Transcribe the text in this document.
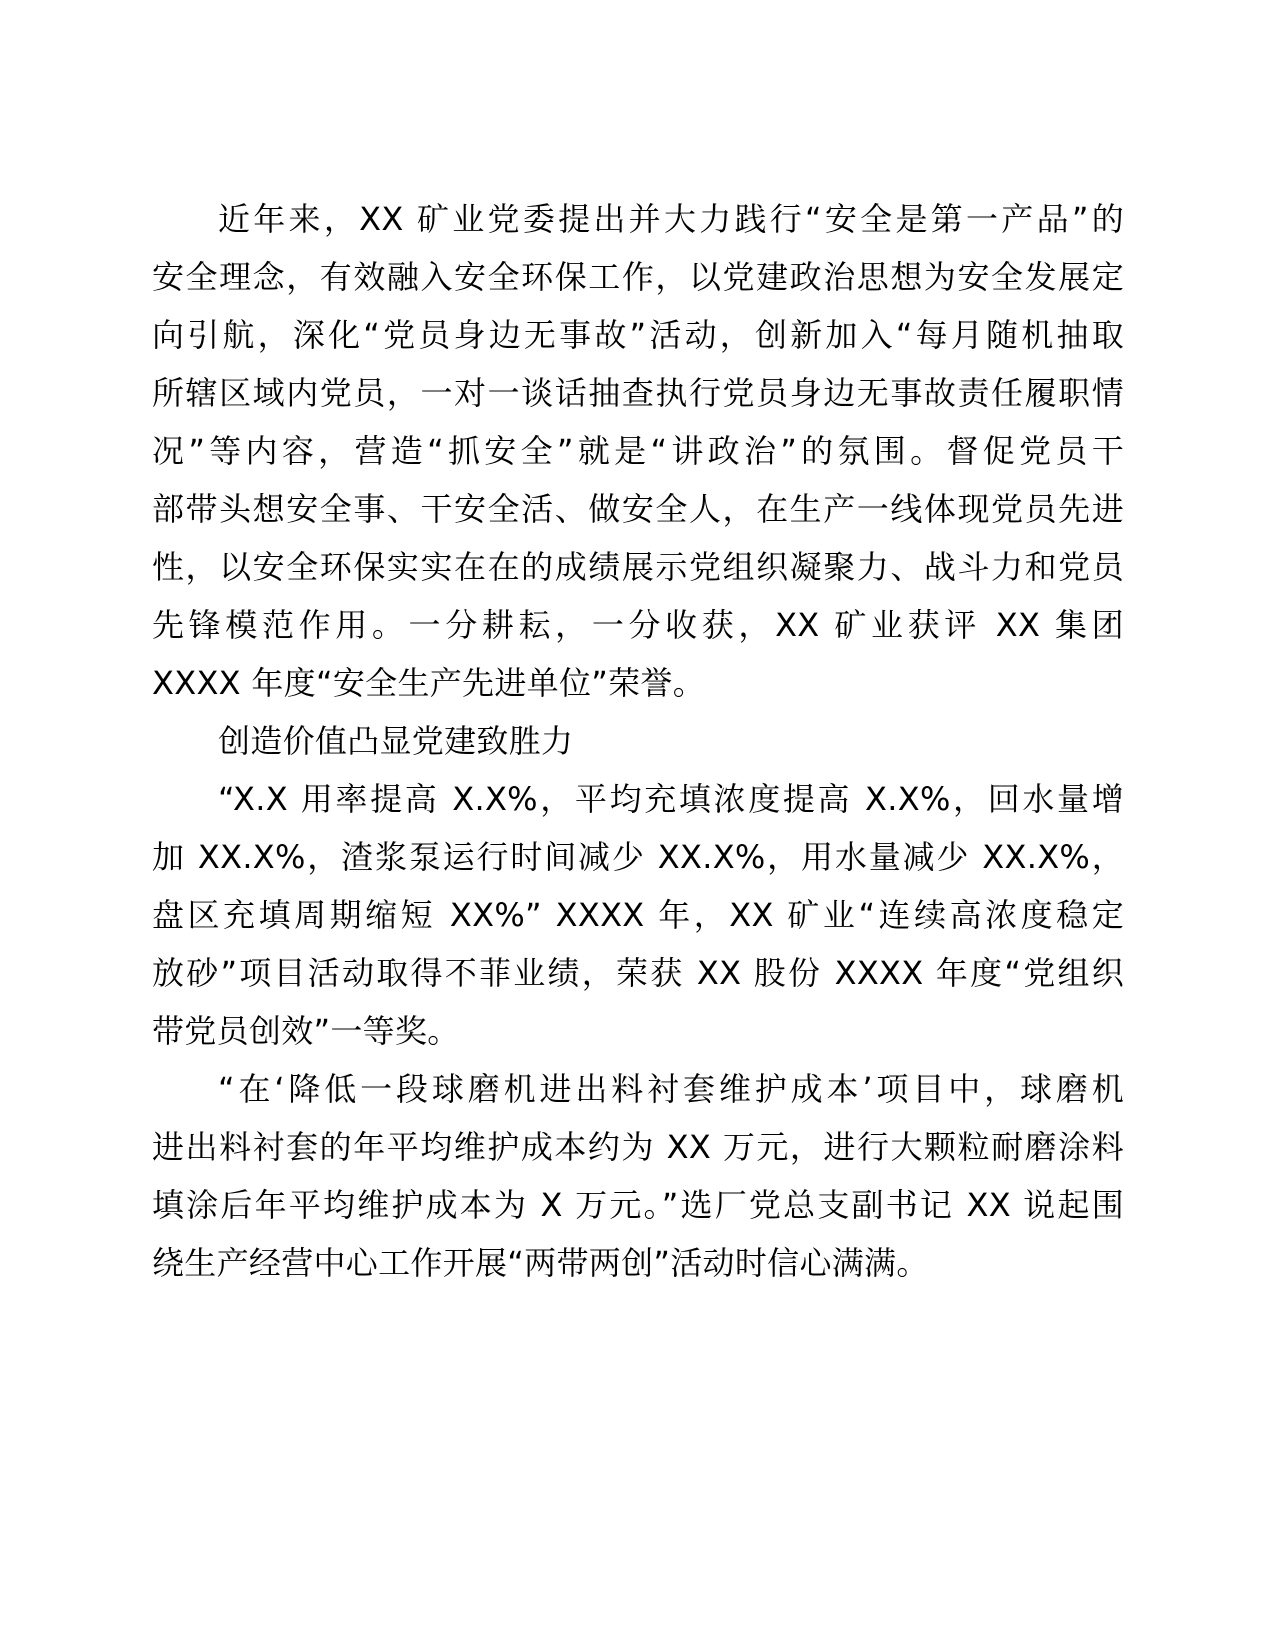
近年来，XX 矿业党委提出并大力践行“安全是第一产品”的
安全理念，有效融入安全环保工作，以党建政治思想为安全发展定
向引航，深化“党员身边无事故”活动，创新加入“每月随机抽取
所辖区域内党员，一对一谈话抽查执行党员身边无事故责任履职情
况”等内容，营造“抓安全”就是“讲政治”的氛围。督促党员干
部带头想安全事、干安全活、做安全人，在生产一线体现党员先进
性，以安全环保实实在在的成绩展示党组织凝聚力、战斗力和党员
先锋模范作用。一分耕耘，一分收获，XX 矿业获评 XX 集团
XXXX 年度“安全生产先进单位”荣誉。
创造价值凸显党建致胜力
“X.X 用率提高 X.X%，平均充填浓度提高 X.X%，回水量增
加 XX.X%，渣浆泵运行时间减少 XX.X%，用水量减少 XX.X%，
盘区充填周期缩短 XX%” XXXX 年，XX 矿业“连续高浓度稳定
放砂”项目活动取得不菲业绩，荣获 XX 股份 XXXX 年度“党组织
带党员创效”一等奖。
“在‘降低一段球磨机进出料衬套维护成本’项目中，球磨机
进出料衬套的年平均维护成本约为 XX 万元，进行大颗粒耐磨涂料
填涂后年平均维护成本为 X 万元。”选厂党总支副书记 XX 说起围
绕生产经营中心工作开展“两带两创”活动时信心满满。
